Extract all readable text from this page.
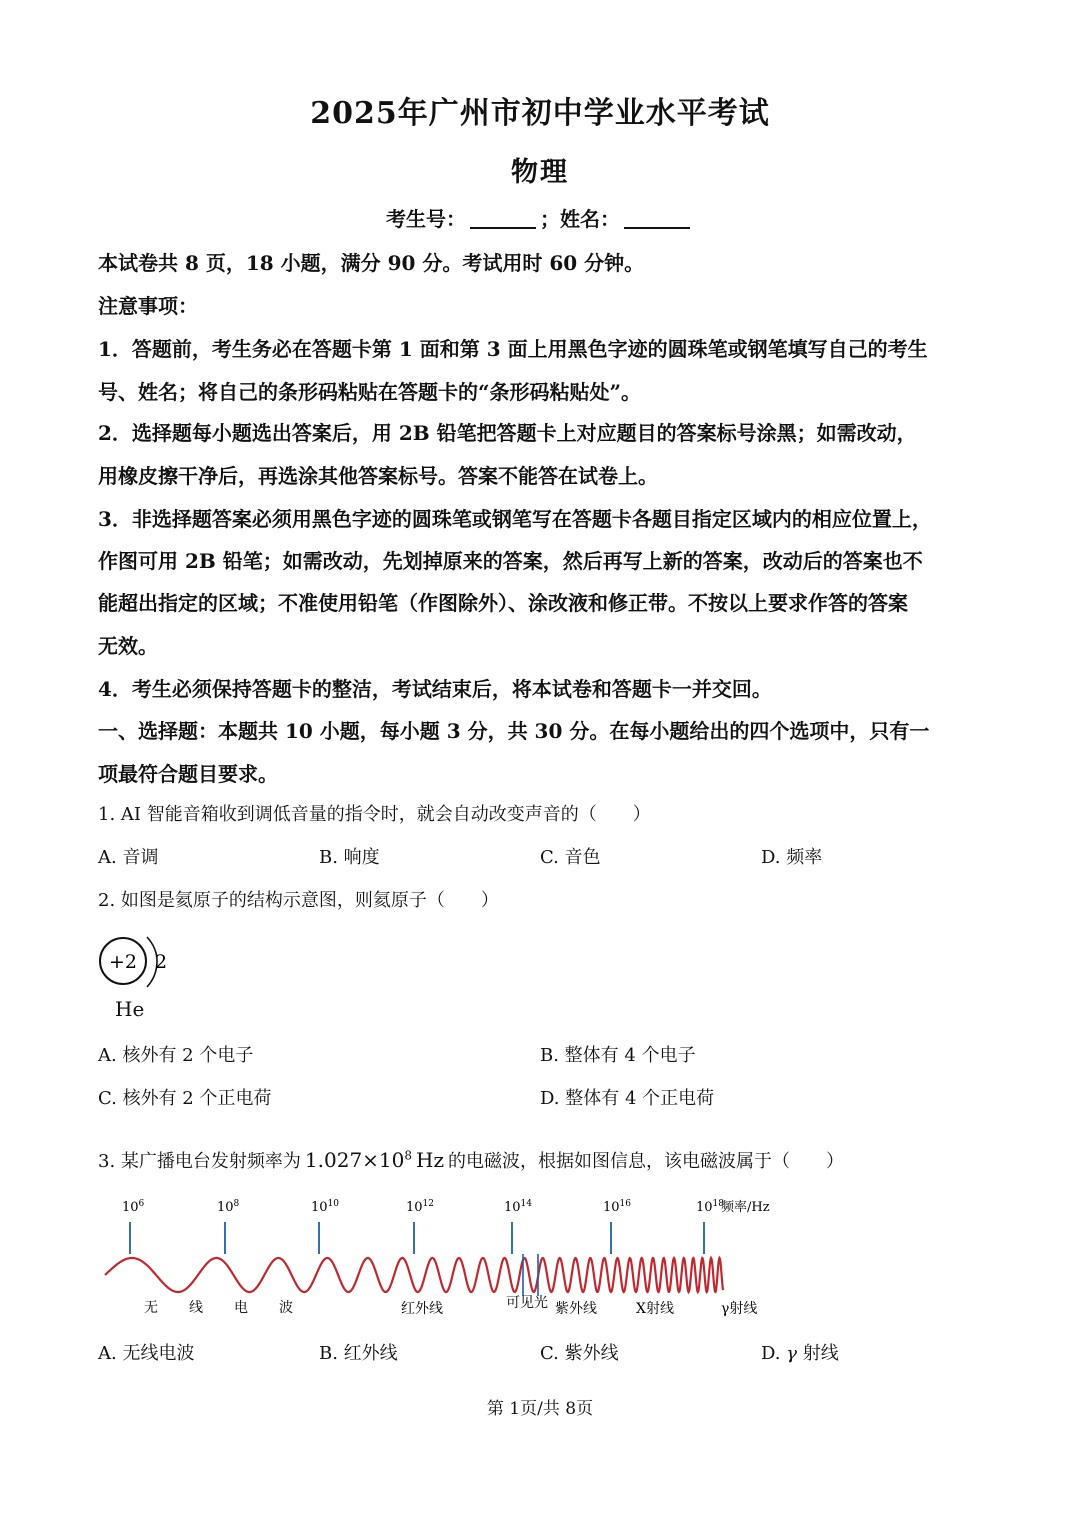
2025年广州市初中学业水平考试
物理
考生号：	；姓名：
本试卷共 8 页，18 小题，满分 90 分。考试用时 60 分钟。
注意事项：
1．答题前，考生务必在答题卡第 1 面和第 3 面上用黑色字迹的圆珠笔或钢笔填写自己的考生
号、姓名；将自己的条形码粘贴在答题卡的“条形码粘贴处”。
2．选择题每小题选出答案后，用 2B 铅笔把答题卡上对应题目的答案标号涂黑；如需改动，
用橡皮擦干净后，再选涂其他答案标号。答案不能答在试卷上。
3．非选择题答案必须用黑色字迹的圆珠笔或钢笔写在答题卡各题目指定区域内的相应位置上，
作图可用 2B 铅笔；如需改动，先划掉原来的答案，然后再写上新的答案，改动后的答案也不
能超出指定的区域；不准使用铅笔（作图除外）、涂改液和修正带。不按以上要求作答的答案
无效。
4．考生必须保持答题卡的整洁，考试结束后，将本试卷和答题卡一并交回。
一、选择题：本题共 10 小题，每小题 3 分，共 30 分。在每小题给出的四个选项中，只有一
项最符合题目要求。
1. AI 智能音箱收到调低音量的指令时，就会自动改变声音的（　　）
A. 音调	B. 响度	C. 音色	D. 频率
2. 如图是氦原子的结构示意图，则氦原子（　　）
+2 2
He
A. 核外有 2 个电子	B. 整体有 4 个电子
C. 核外有 2 个正电荷	D. 整体有 4 个正电荷
3. 某广播电台发射频率为 $1.027\times 10^8$ Hz 的电磁波，根据如图信息，该电磁波属于（　　）
$10^6$	$10^8$	$10^{10}$	$10^{12}$	$10^{14}$	$10^{16}$	$10^{18}$
频率/Hz
无 线 电 波	红外线	可见光 紫外线	X射线	γ射线
A. 无线电波	B. 红外线	C. 紫外线	D. γ 射线
第 1页/共 8页
